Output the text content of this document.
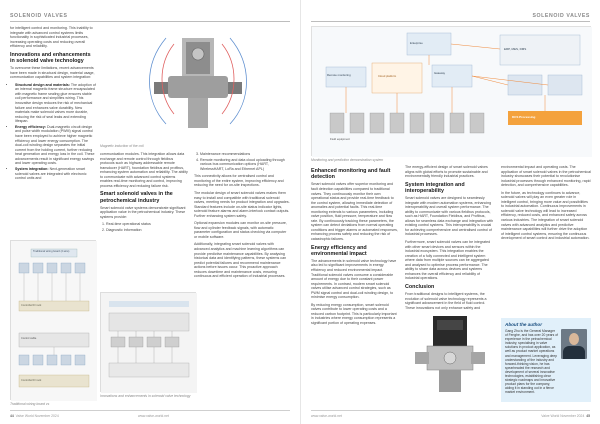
SOLENOID VALVES

for intelligent control and monitoring. This inability to integrate with advanced control systems limits functionality in sophisticated industrial processes, increasing operating costs and reducing overall efficiency and reliability.

Innovations and enhancements in solenoid valve technology

To overcome these limitations, recent advancements have been made in structural design, material usage, communication capabilities and system integration:

• Structural design and materials: The adoption of an internal magnetic frame structure encapsulated with magnetic frame sealing glue ensures stable coil performance and simplifies wiring. This innovative design reduces the risk of mechanical failure and enhances valve durability. New materials make solenoid valves more durable, reducing the risk of seal leaks and extending lifespan.
• Energy efficiency: Dual-magnetic circuit design and pulse width modulation (PWM) signal control have been employed to achieve higher magnetic efficiency and lower energy consumption. The dual-coil winding design separates the initial current from the holding current, further reducing heat generation and energy loss in the coil. These advancements result in significant energy savings and lower operating costs.
• System integration: Next-generation smart solenoid valves are integrated with electronic control units and
Magnetic induction of the coil

communication modules. This integration allows data exchange and remote control through fieldbus protocols such as highway addressable remote transducer (HART), foundation fieldbus and profibus, enhancing system automation and reliability. The ability to communicate with advanced control systems enables real-time monitoring and control, improving process efficiency and reducing failure risk.

Smart solenoid valves in the petrochemical industry

Smart solenoid valve systems demonstrate significant application value in the petrochemical industry. These systems provide:

1. Real-time operational status
2. Diagnostic information
3. Maintenance recommendations
4. Remote monitoring and data cloud uploading through various bus communication options (HART, WirelessHART, LoRa and Ethernet APL)

This connectivity allows for centralised control and monitoring of the entire system, improving efficiency and reducing the need for on-site inspections.

The modular design of smart solenoid valves makes them easy to install and compatible with traditional solenoid valves, meeting needs for product integration and upgrades. Standard features include on-site status indicator lights, solenoid feature alarms and alarm-interlock contact outputs. Further enhancing system safety.

Optional expansion modules can monitor on-site pressure, flow and cylinder feedback signals, with automatic parameter configuration and status checking via computer or mobile software.

Additionally, integrating smart solenoid valves with advanced analytics and machine learning algorithms can provide predictive maintenance capabilities. By analysing historical data and identifying patterns, these systems can predict potential failures and recommend maintenance actions before issues occur. This proactive approach reduces downtime and maintenance costs, ensuring continuous and efficient operation of industrial processes.

Traditional wiring board (2-wire)
Controller/IO rack
Control cable
Controller/IO rack
Traditional wiring board vs
Innovations and enhancements in solenoid valve technology
44 Valve World November 2024	www.valve-world.net
SOLENOID VALVES
Gateway
Remote monitoring	Cloud platform
Enterprise
ERP, MES, DMS
DCS Processing
Field equipment
Monitoring and prediction demonstration system
Enhanced monitoring and fault detection

Smart solenoid valves offer superior monitoring and fault detection capabilities compared to traditional valves. They continuously monitor their own operational status and provide real-time feedback to the control system, allowing immediate detection of anomalies and potential faults. This real-time monitoring extends to various parameters, including valve position, fluid pressure, temperature and flow rate. By continuously tracking these parameters, the system can detect deviations from normal operating conditions and trigger alarms or automated responses, enhancing process safety and reducing the risk of catastrophic failures.

Energy efficiency and environmental impact

The advancements in solenoid valve technology have also led to significant improvements in energy efficiency and reduced environmental impact. Traditional solenoid valves consume a considerable amount of energy due to their constant power requirements. In contrast, modern smart solenoid valves utilise advanced control strategies, such as PWM signal control and dual-coil winding design, to minimise energy consumption.

By reducing energy consumption, smart solenoid valves contribute to lower operating costs and a reduced carbon footprint. This is particularly important in industries where energy consumption represents a significant portion of operating expenses.

The energy-efficient design of smart solenoid valves aligns with global efforts to promote sustainable and environmentally friendly industrial practices.

System integration and interoperability

Smart solenoid valves are designed to seamlessly integrate with modern automation systems, enhancing interoperability and overall system performance. The ability to communicate with various fieldbus protocols, such as HART, Foundation Fieldbus, and Profibus, allows for seamless data exchange and integration with existing control systems. This interoperability is crucial for achieving comprehensive and centralised control of industrial processes.

Furthermore, smart solenoid valves can be integrated with other smart devices and sensors within the industrial ecosystem. This integration enables the creation of a fully connected and intelligent system where data from multiple sources can be aggregated and analysed to optimise process performance. The ability to share data across devices and systems enhances the overall efficiency and reliability of industrial operations.

Conclusion

From traditional designs to intelligent systems, the evolution of solenoid valve technology represents a significant advancement in the field of fluid control. These innovations not only enhance safety and

environmental impact and operating costs. The application of smart solenoid valves in the petrochemical industry showcases their potential to revolutionise industrial processes through enhanced monitoring, rapid detection, and comprehensive capabilities.

In the future, as technology continues to advance, solenoid valves will play an even greater role in intelligent control, bringing more value and possibilities to industrial automation. Continuous improvements in solenoid valve technology will lead to increased efficiency, reduced costs, and enhanced safety across various industries. The integration of smart solenoid valves with advanced analytics and predictive maintenance capabilities will further drive the adoption of intelligent control systems, ensuring the continuous development of smart control and industrial automation.

About the author

Gang Zhu is the General Manager of Fenghe, and has over 20 years of experience in the petrochemical industry, specialising in valve solutions in product application, as well as product market operations and management. Leveraging deep understanding of the industry and forward-thinking vision, he has spearheaded the research and development of several innovative technologies, establishing clear strategic roadmaps and innovative product plans for the company, aiding it in standing out in a fierce market environment.

www.valve-world.net	Valve World November 2024 45
